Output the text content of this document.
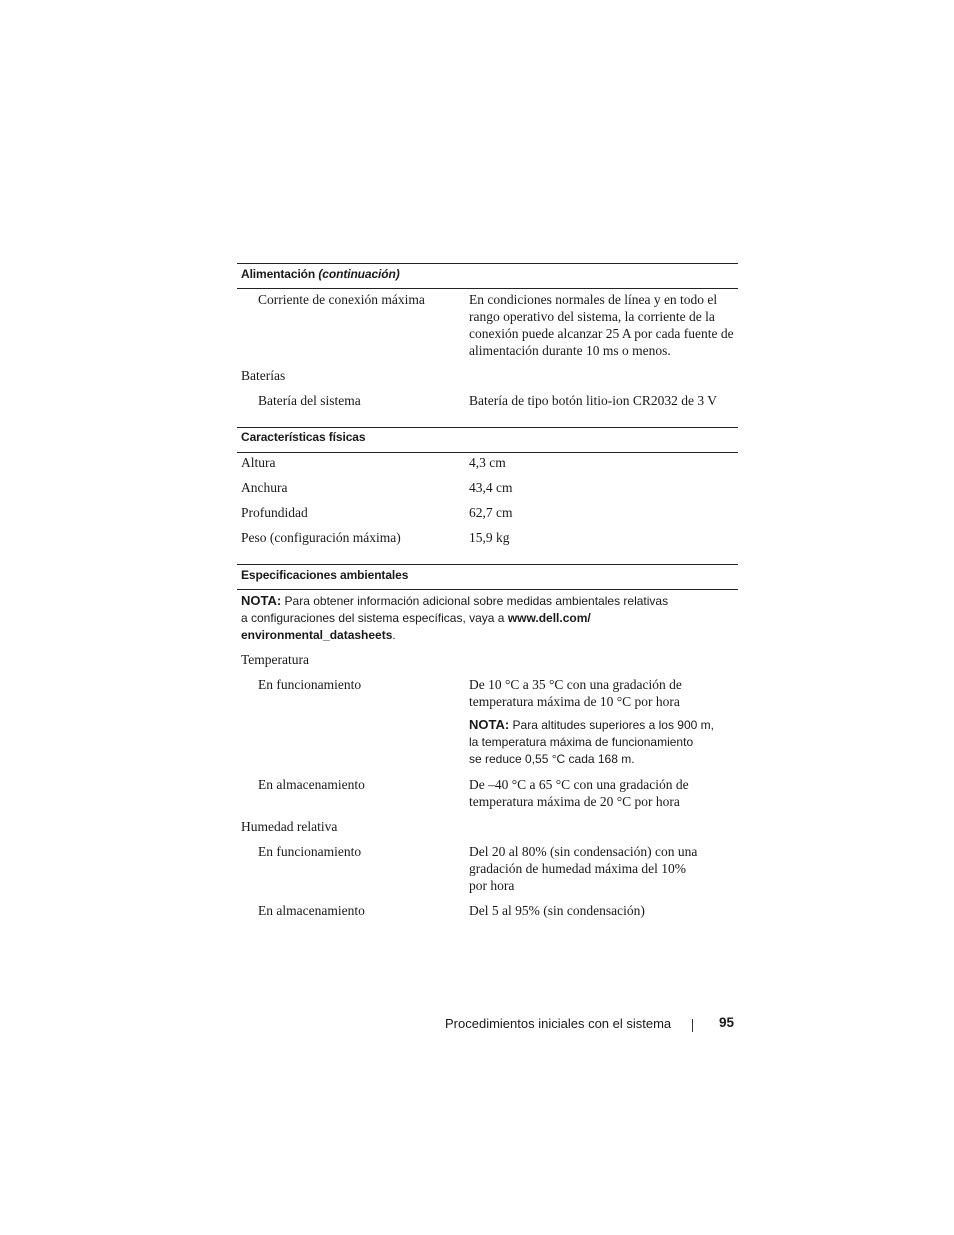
Alimentación (continuación)
Corriente de conexión máxima	En condiciones normales de línea y en todo el rango operativo del sistema, la corriente de la conexión puede alcanzar 25 A por cada fuente de alimentación durante 10 ms o menos.
Baterías
Batería del sistema	Batería de tipo botón litio-ion CR2032 de 3 V
Características físicas
Altura	4,3 cm
Anchura	43,4 cm
Profundidad	62,7 cm
Peso (configuración máxima)	15,9 kg
Especificaciones ambientales
NOTA: Para obtener información adicional sobre medidas ambientales relativas
a configuraciones del sistema específicas, vaya a www.dell.com/
environmental_datasheets.
Temperatura
En funcionamiento	De 10 °C a 35 °C con una gradación de temperatura máxima de 10 °C por hora
NOTA: Para altitudes superiores a los 900 m,
la temperatura máxima de funcionamiento
se reduce 0,55 °C cada 168 m.
En almacenamiento	De –40 °C a 65 °C con una gradación de temperatura máxima de 20 °C por hora
Humedad relativa
En funcionamiento	Del 20 al 80% (sin condensación) con una
gradación de humedad máxima del 10%
por hora
En almacenamiento	Del 5 al 95% (sin condensación)
Procedimientos iniciales con el sistema	95
